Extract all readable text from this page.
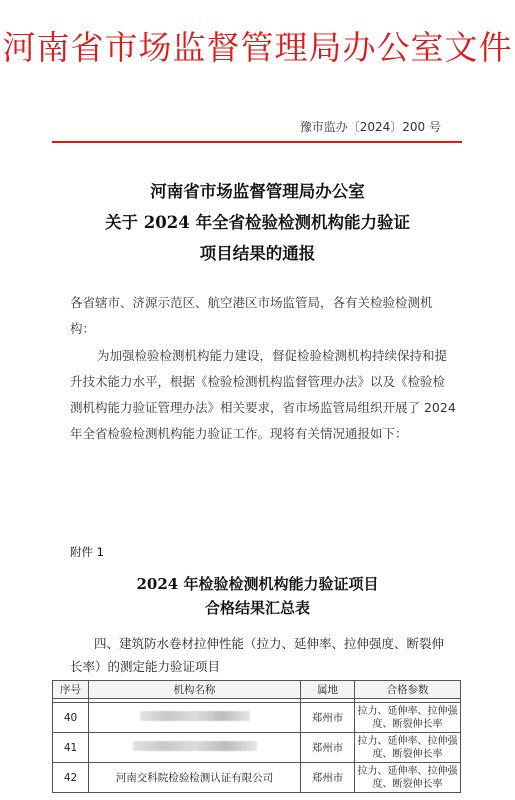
河南省市场监督管理局办公室文件
豫市监办〔2024〕200 号
河南省市场监督管理局办公室
关于 2024 年全省检验检测机构能力验证
项目结果的通报
各省辖市、济源示范区、航空港区市场监管局，各有关检验检测机构：
为加强检验检测机构能力建设，督促检验检测机构持续保持和提升技术能力水平，根据《检验检测机构监督管理办法》以及《检验检测机构能力验证管理办法》相关要求，省市场监管局组织开展了 2024 年全省检验检测机构能力验证工作。现将有关情况通报如下：
附件 1
2024 年检验检测机构能力验证项目
合格结果汇总表
四、建筑防水卷材拉伸性能（拉力、延伸率、拉伸强度、断裂伸长率）的测定能力验证项目
序号	机构名称	属地	合格参数

40		郑州市	拉力、延伸率、拉伸强度、断裂伸长率
41		郑州市	拉力、延伸率、拉伸强度、断裂伸长率
42	河南交科院检验检测认证有限公司	郑州市	拉力、延伸率、拉伸强度、断裂伸长率
